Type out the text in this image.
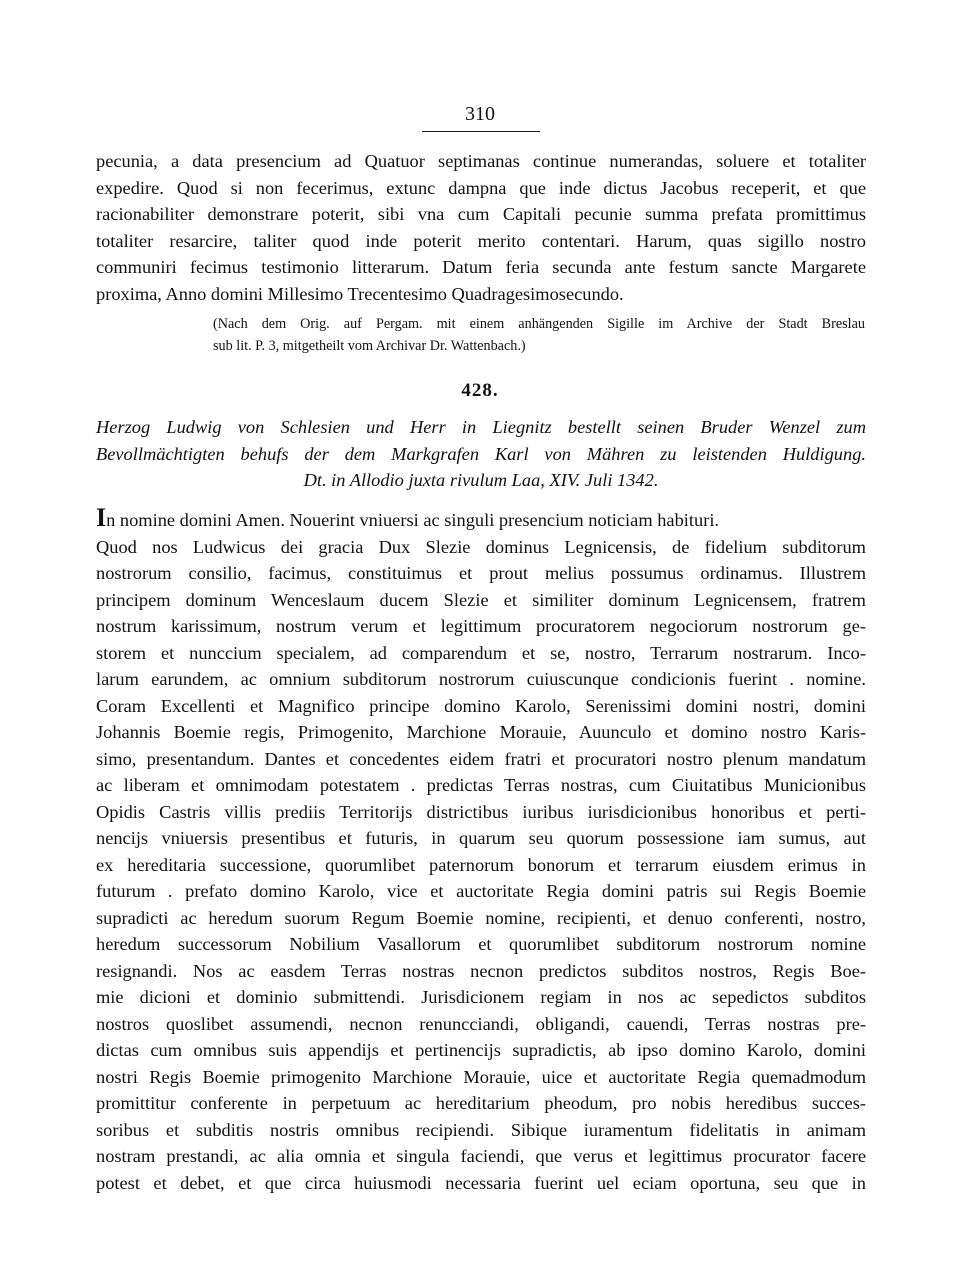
310
pecunia, a data presencium ad Quatuor septimanas continue numerandas, soluere et totaliter
expedire. Quod si non fecerimus, extunc dampna que inde dictus Jacobus receperit, et que
racionabiliter demonstrare poterit, sibi vna cum Capitali pecunie summa prefata promittimus
totaliter resarcire, taliter quod inde poterit merito contentari. Harum, quas sigillo nostro
communiri fecimus testimonio litterarum. Datum feria secunda ante festum sancte Margarete
proxima, Anno domini Millesimo Trecentesimo Quadragesimosecundo.
(Nach dem Orig. auf Pergam. mit einem anhängenden Sigille im Archive der Stadt Breslau
sub lit. P. 3, mitgetheilt vom Archivar Dr. Wattenbach.)
428.
Herzog Ludwig von Schlesien und Herr in Liegnitz bestellt seinen Bruder Wenzel zum
Bevollmächtigten behufs der dem Markgrafen Karl von Mähren zu leistenden Huldigung.
Dt. in Allodio juxta rivulum Laa, XIV. Juli 1342.
In nomine domini Amen. Nouerint vniuersi ac singuli presencium noticiam habituri.
Quod nos Ludwicus dei gracia Dux Slezie dominus Legnicensis, de fidelium subditorum
nostrorum consilio, facimus, constituimus et prout melius possumus ordinamus. Illustrem
principem dominum Wenceslaum ducem Slezie et similiter dominum Legnicensem, fratrem
nostrum karissimum, nostrum verum et legittimum procuratorem negociorum nostrorum ge-
storem et nunccium specialem, ad comparendum et se, nostro, Terrarum nostrarum. Inco-
larum earundem, ac omnium subditorum nostrorum cuiuscunque condicionis fuerint . nomine.
Coram Excellenti et Magnifico principe domino Karolo, Serenissimi domini nostri, domini
Johannis Boemie regis, Primogenito, Marchione Morauie, Auunculo et domino nostro Karis-
simo, presentandum. Dantes et concedentes eidem fratri et procuratori nostro plenum mandatum
ac liberam et omnimodam potestatem . predictas Terras nostras, cum Ciuitatibus Municionibus
Opidis Castris villis prediis Territorijs districtibus iuribus iurisdicionibus honoribus et perti-
nencijs vniuersis presentibus et futuris, in quarum seu quorum possessione iam sumus, aut
ex hereditaria successione, quorumlibet paternorum bonorum et terrarum eiusdem erimus in
futurum . prefato domino Karolo, vice et auctoritate Regia domini patris sui Regis Boemie
supradicti ac heredum suorum Regum Boemie nomine, recipienti, et denuo conferenti, nostro,
heredum successorum Nobilium Vasallorum et quorumlibet subditorum nostrorum nomine
resignandi. Nos ac easdem Terras nostras necnon predictos subditos nostros, Regis Boe-
mie dicioni et dominio submittendi. Jurisdicionem regiam in nos ac sepedictos subditos
nostros quoslibet assumendi, necnon renuncciandi, obligandi, cauendi, Terras nostras pre-
dictas cum omnibus suis appendijs et pertinencijs supradictis, ab ipso domino Karolo, domini
nostri Regis Boemie primogenito Marchione Morauie, uice et auctoritate Regia quemadmodum
promittitur conferente in perpetuum ac hereditarium pheodum, pro nobis heredibus succes-
soribus et subditis nostris omnibus recipiendi. Sibique iuramentum fidelitatis in animam
nostram prestandi, ac alia omnia et singula faciendi, que verus et legittimus procurator facere
potest et debet, et que circa huiusmodi necessaria fuerint uel eciam oportuna, seu que in
